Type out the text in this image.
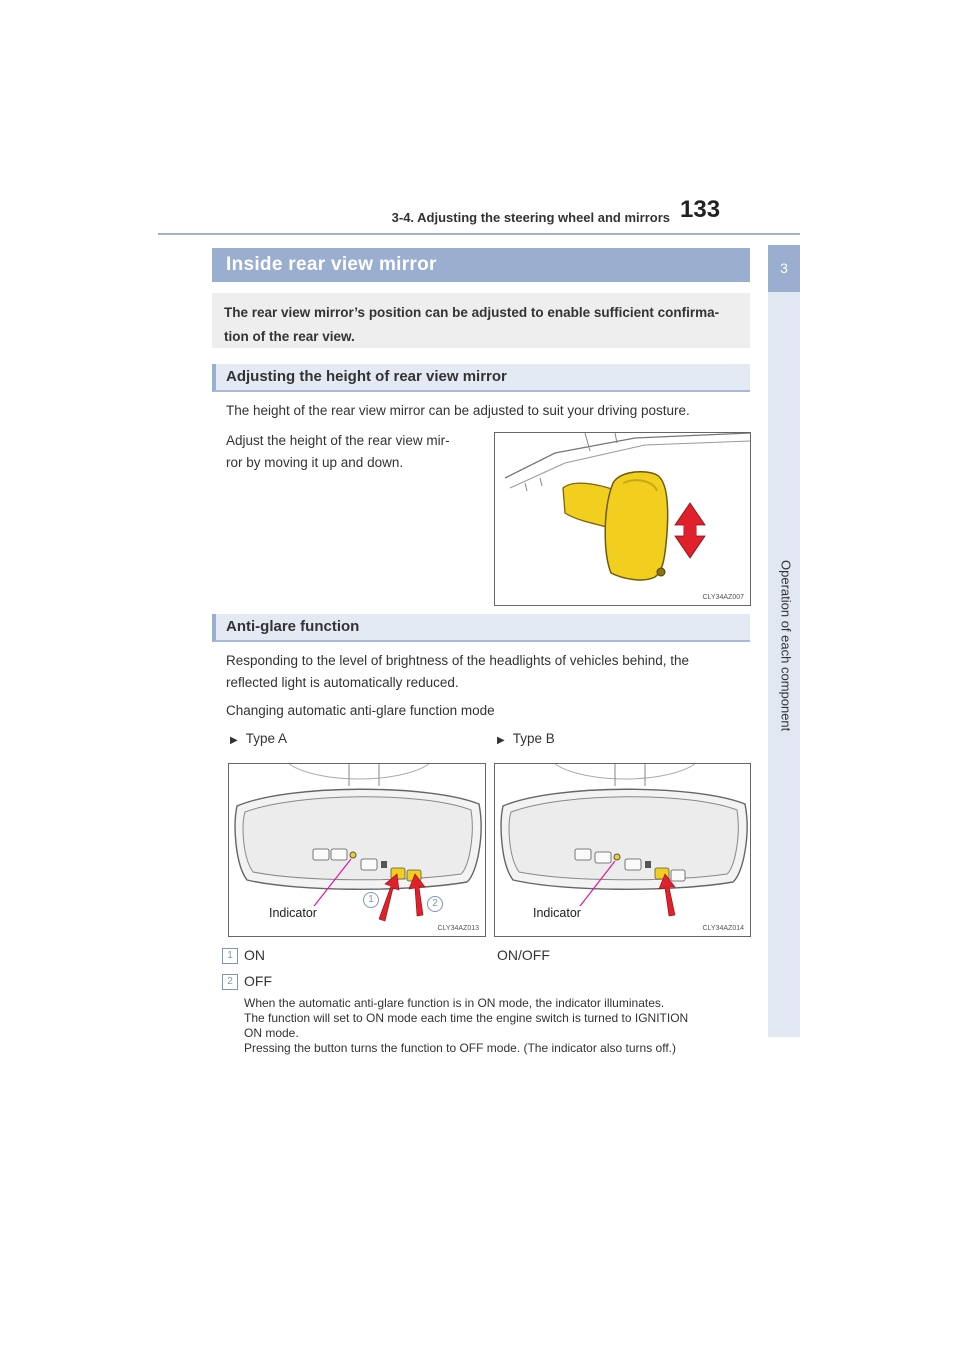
3-4. Adjusting the steering wheel and mirrors 133
3
Operation of each component
Inside rear view mirror
The rear view mirror’s position can be adjusted to enable sufficient confirma-
tion of the rear view.
Adjusting the height of rear view mirror
The height of the rear view mirror can be adjusted to suit your driving posture.
Adjust the height of the rear view mir-
ror by moving it up and down.
CLY34AZ007
Anti-glare function
Responding to the level of brightness of the headlights of vehicles behind, the
reflected light is automatically reduced.
Changing automatic anti-glare function mode
▶ Type A	▶ Type B
Indicator
1	2
CLY34AZ013
Indicator
CLY34AZ014
1 ON	ON/OFF
2 OFF
When the automatic anti-glare function is in ON mode, the indicator illuminates.
The function will set to ON mode each time the engine switch is turned to IGNITION
ON mode.
Pressing the button turns the function to OFF mode. (The indicator also turns off.)
